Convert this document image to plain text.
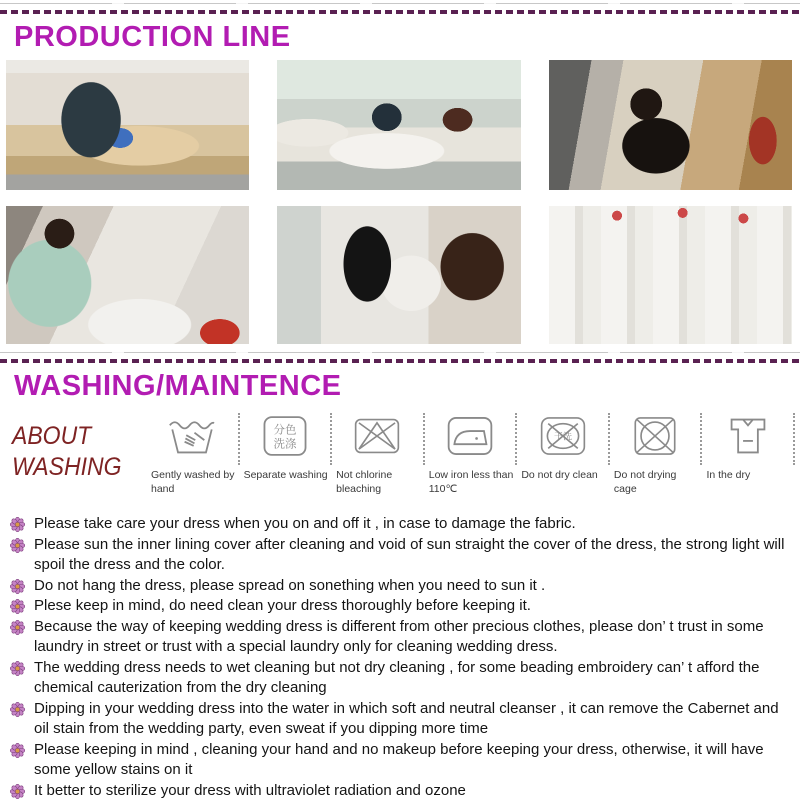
PRODUCTION LINE
WASHING/MAINTENCE
ABOUT
WASHING	Gently washed by hand
分色
洗涤
Separate washing Not chlorine bleaching
Low iron less than 110℃
干洗
Do not dry clean Do not drying cage
In the dry
Please take care your dress when you on and off it , in case to damage the fabric.
Please sun the inner lining cover after cleaning and void of sun straight the cover of the dress, the strong light will spoil the dress and the color.
Do not hang the dress, please spread on sonething when you need to sun it .
Plese keep in mind, do need clean your dress thoroughly before keeping it.
Because the way of keeping wedding dress is different from other precious clothes, please don’ t trust in some laundry in street or trust with a special laundry only for cleaning wedding dress.
The wedding dress needs to wet cleaning but not dry cleaning , for some beading embroidery can’ t afford the chemical cauterization from the dry cleaning
Dipping in your wedding dress into the water in which soft and neutral cleanser , it can remove the Cabernet and oil stain from the wedding party, even sweat if you dipping more time
Please keeping in mind , cleaning your hand and no makeup before keeping your dress, otherwise, it will have some yellow stains on it
It better to sterilize your dress with ultraviolet radiation and ozone
